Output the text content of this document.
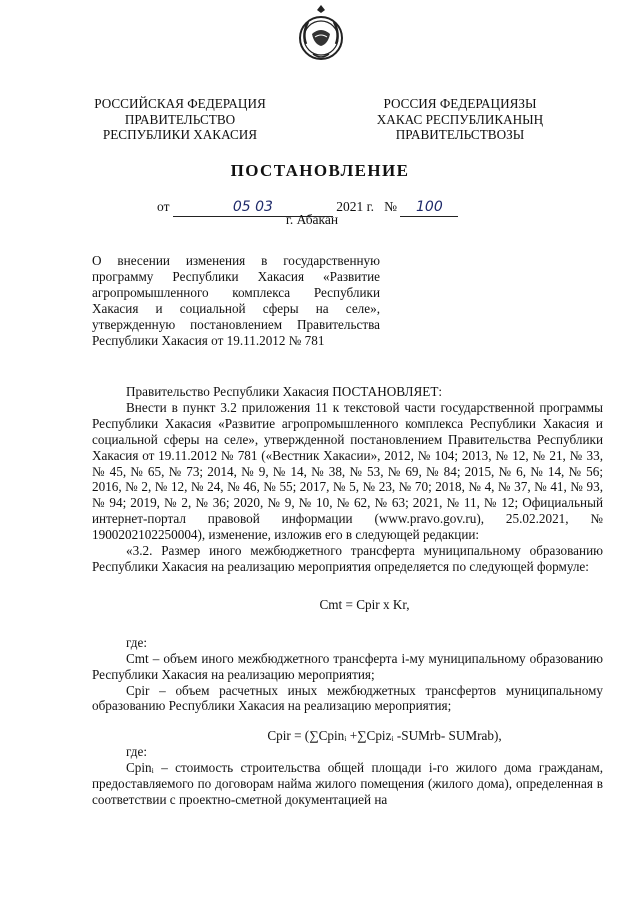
РОССИЙСКАЯ ФЕДЕРАЦИЯ
ПРАВИТЕЛЬСТВО
РЕСПУБЛИКИ ХАКАСИЯ
РОССИЯ ФЕДЕРАЦИЯЗЫ
ХАКАС РЕСПУБЛИКАНЫҢ
ПРАВИТЕЛЬСТВОЗЫ
ПОСТАНОВЛЕНИЕ
от	05 03	2021 г. № 100
г. Абакан
О внесении изменения в государственную программу Республики Хакасия «Развитие агропромышленного комплекса Республики Хакасия и социальной сферы на селе», утвержденную постановлением Правительства Республики Хакасия от 19.11.2012 № 781

Правительство Республики Хакасия ПОСТАНОВЛЯЕТ:

Внести в пункт 3.2 приложения 11 к текстовой части государственной программы Республики Хакасия «Развитие агропромышленного комплекса Республики Хакасия и социальной сферы на селе», утвержденной постановлением Правительства Республики Хакасия от 19.11.2012 № 781 («Вестник Хакасии», 2012, № 104; 2013, № 12, № 21, № 33, № 45, № 65, № 73; 2014, № 9, № 14, № 38, № 53, № 69, № 84; 2015, № 6, № 14, № 56; 2016, № 2, № 12, № 24, № 46, № 55; 2017, № 5, № 23, № 70; 2018, № 4, № 37, № 41, № 93, № 94; 2019, № 2, № 36; 2020, № 9, № 10, № 62, № 63; 2021, № 11, № 12; Официальный интернет-портал правовой информации (www.pravo.gov.ru), 25.02.2021, № 1900202102250004), изменение, изложив его в следующей редакции:

«3.2. Размер иного межбюджетного трансферта муниципальному образованию Республики Хакасия на реализацию мероприятия определяется по следующей формуле:

Cmt = Cpir x Kr,

где:

Cmt – объем иного межбюджетного трансферта i-му муниципальному образованию Республики Хакасия на реализацию мероприятия;

Cpir – объем расчетных иных межбюджетных трансфертов муниципальному образованию Республики Хакасия на реализацию мероприятия;

Cpir = (∑Cpinᵢ +∑Cpizᵢ -SUMrb- SUMrab),

где:

Cpinᵢ – стоимость строительства общей площади i-го жилого дома гражданам, предоставляемого по договорам найма жилого помещения (жилого дома), определенная в соответствии с проектно-сметной документацией на
